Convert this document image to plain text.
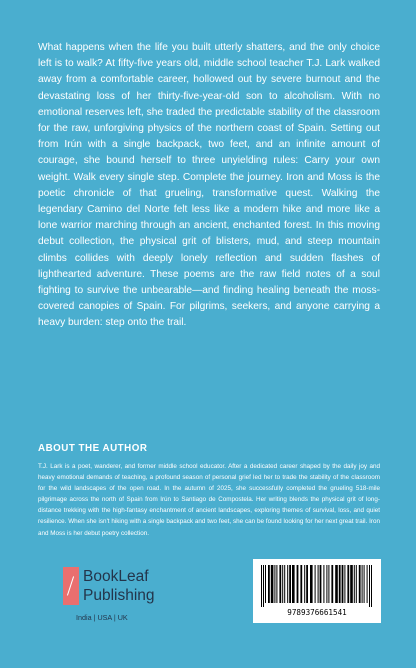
What happens when the life you built utterly shatters, and the only choice left is to walk? At fifty-five years old, middle school teacher T.J. Lark walked away from a comfortable career, hollowed out by severe burnout and the devastating loss of her thirty-five-year-old son to alcoholism. With no emotional reserves left, she traded the predictable stability of the classroom for the raw, unforgiving physics of the northern coast of Spain. Setting out from Irún with a single backpack, two feet, and an infinite amount of courage, she bound herself to three unyielding rules: Carry your own weight. Walk every single step. Complete the journey. Iron and Moss is the poetic chronicle of that grueling, transformative quest. Walking the legendary Camino del Norte felt less like a modern hike and more like a lone warrior marching through an ancient, enchanted forest. In this moving debut collection, the physical grit of blisters, mud, and steep mountain climbs collides with deeply lonely reflection and sudden flashes of lighthearted adventure. These poems are the raw field notes of a soul fighting to survive the unbearable—and finding healing beneath the moss-covered canopies of Spain. For pilgrims, seekers, and anyone carrying a heavy burden: step onto the trail.

ABOUT THE AUTHOR

T.J. Lark is a poet, wanderer, and former middle school educator. After a dedicated career shaped by the daily joy and heavy emotional demands of teaching, a profound season of personal grief led her to trade the stability of the classroom for the wild landscapes of the open road. In the autumn of 2025, she successfully completed the grueling 518-mile pilgrimage across the north of Spain from Irún to Santiago de Compostela. Her writing blends the physical grit of long-distance trekking with the high-fantasy enchantment of ancient landscapes, exploring themes of survival, loss, and quiet resilience. When she isn't hiking with a single backpack and two feet, she can be found looking for her next great trail. Iron and Moss is her debut poetry collection.

BookLeaf
Publishing
India | USA | UK
9789376661541
